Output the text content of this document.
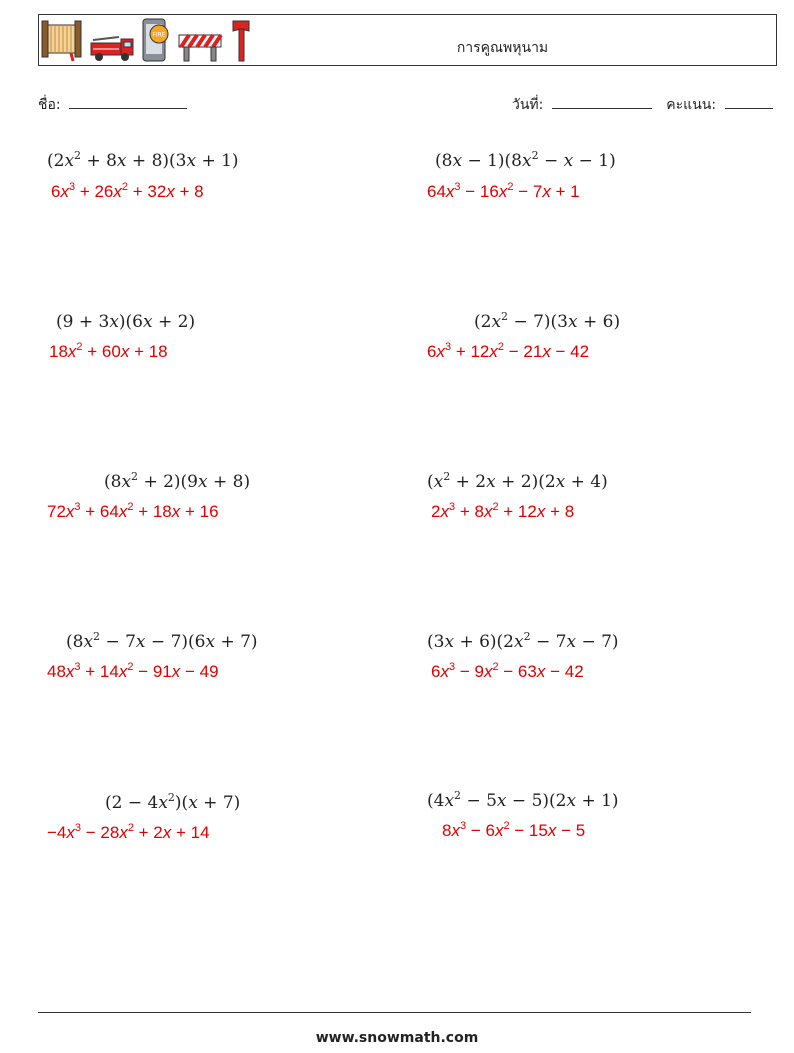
FIRE
การคูณพหุนาม
ชื่อ:	วันที่:	คะแนน:
$(2x^2 + 8x + 8)(3x + 1)$
$6x^3 + 26x^2 + 32x + 8$
$(8x - 1)(8x^2 - x - 1)$
$64x^3 - 16x^2 - 7x + 1$
(9 + 3x)(6x + 2)
$18x^2 + 60x + 18$
$(2x^2 - 7)(3x + 6)$
$6x^3 + 12x^2 - 21x - 42$
$(8x^2 + 2)(9x + 8)$
$72x^3 + 64x^2 + 18x + 16$
$(x^2 + 2x + 2)(2x + 4)$
$2x^3 + 8x^2 + 12x + 8$
$(8x^2 - 7x - 7)(6x + 7)$
$48x^3 + 14x^2 - 91x - 49$
$(3x + 6)(2x^2 - 7x - 7)$
$6x^3 - 9x^2 - 63x - 42$
$(2 - 4x^2)(x + 7)$
$-4x^3 - 28x^2 + 2x + 14$
$(4x^2 - 5x - 5)(2x + 1)$
$8x^3 - 6x^2 - 15x - 5$
www.snowmath.com
